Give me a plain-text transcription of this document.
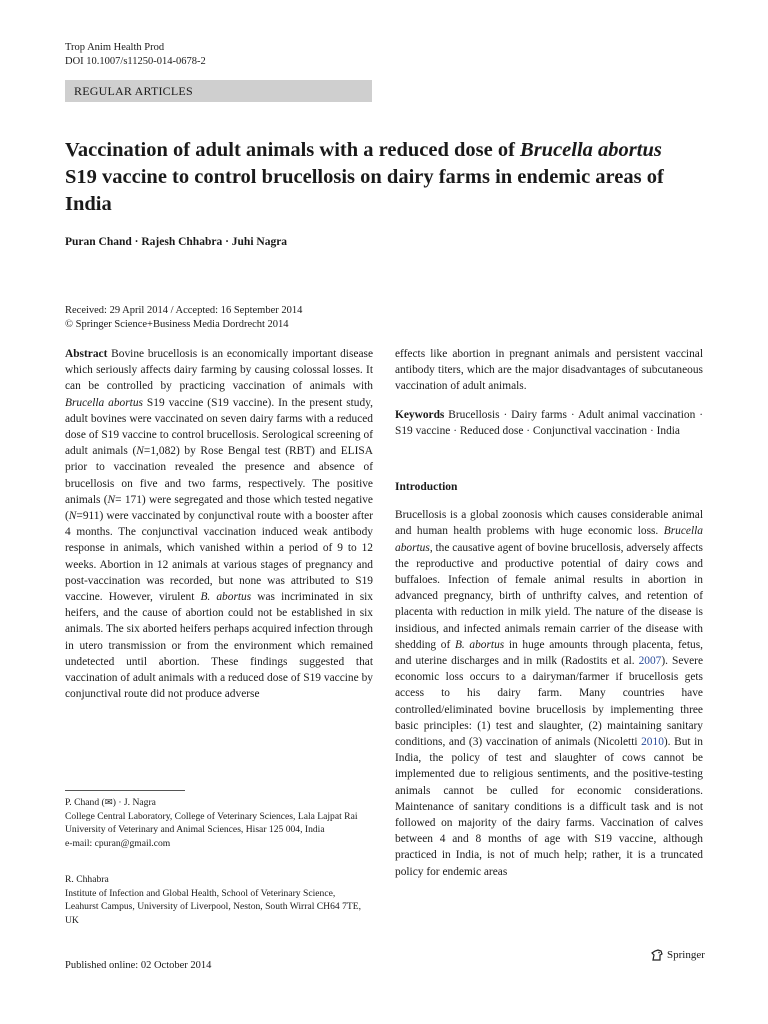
Trop Anim Health Prod
DOI 10.1007/s11250-014-0678-2
REGULAR ARTICLES
Vaccination of adult animals with a reduced dose of Brucella abortus S19 vaccine to control brucellosis on dairy farms in endemic areas of India
Puran Chand · Rajesh Chhabra · Juhi Nagra
Received: 29 April 2014 / Accepted: 16 September 2014
© Springer Science+Business Media Dordrecht 2014

Abstract Bovine brucellosis is an economically important disease which seriously affects dairy farming by causing colossal losses. It can be controlled by practicing vaccination of animals with Brucella abortus S19 vaccine (S19 vaccine). In the present study, adult bovines were vaccinated on seven dairy farms with a reduced dose of S19 vaccine to control brucellosis. Serological screening of adult animals (N=1,082) by Rose Bengal test (RBT) and ELISA prior to vaccination revealed the presence and absence of brucellosis on five and two farms, respectively. The positive animals (N= 171) were segregated and those which tested negative (N=911) were vaccinated by conjunctival route with a booster after 4 months. The conjunctival vaccination induced weak antibody response in animals, which vanished within a period of 9 to 12 weeks. Abortion in 12 animals at various stages of pregnancy and post-vaccination was recorded, but none was attributed to S19 vaccine. However, virulent B. abortus was incriminated in six heifers, and the cause of abortion could not be established in six animals. The six aborted heifers perhaps acquired infection through in utero transmission or from the environment which remained undetected until abortion. These findings suggested that vaccination of adult animals with a reduced dose of S19 vaccine by conjunctival route did not produce adverse

effects like abortion in pregnant animals and persistent vaccinal antibody titers, which are the major disadvantages of subcutaneous vaccination of adult animals.

Keywords Brucellosis · Dairy farms · Adult animal vaccination · S19 vaccine · Reduced dose · Conjunctival vaccination · India

Introduction

Brucellosis is a global zoonosis which causes considerable animal and human health problems with huge economic loss. Brucella abortus, the causative agent of bovine brucellosis, adversely affects the reproductive and productive potential of dairy cows and buffaloes. Infection of female animal results in abortion in advanced pregnancy, birth of unthrifty calves, and retention of placenta with reduction in milk yield. The nature of the disease is insidious, and infected animals remain carrier of the disease with shedding of B. abortus in huge amounts through placenta, fetus, and uterine discharges and in milk (Radostits et al. 2007). Severe economic loss occurs to a dairyman/farmer if brucellosis gets access to his dairy farm. Many countries have controlled/eliminated bovine brucellosis by implementing three basic principles: (1) test and slaughter, (2) maintaining sanitary conditions, and (3) vaccination of animals (Nicoletti 2010). But in India, the policy of test and slaughter of cows cannot be implemented due to religious sentiments, and the positive-testing animals cannot be culled for economic considerations. Maintenance of sanitary conditions is a difficult task and is not followed on majority of the dairy farms. Vaccination of calves between 4 and 8 months of age with S19 vaccine, although practiced in India, is not of much help; rather, it is a truncated policy for endemic areas

P. Chand (✉) · J. Nagra
College Central Laboratory, College of Veterinary Sciences, Lala Lajpat Rai University of Veterinary and Animal Sciences, Hisar 125 004, India
e-mail: cpuran@gmail.com
R. Chhabra
Institute of Infection and Global Health, School of Veterinary Science, Leahurst Campus, University of Liverpool, Neston, South Wirral CH64 7TE, UK
Published online: 02 October 2014
Springer
